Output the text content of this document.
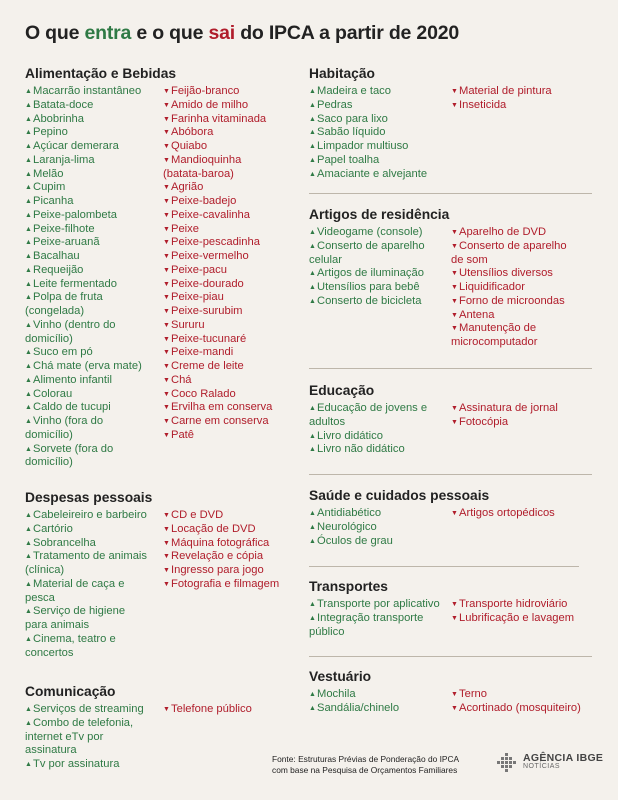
O que entra e o que sai do IPCA a partir de 2020
Alimentação e Bebidas
▲Macarrão instantâneo
▲Batata-doce
▲Abobrinha
▲Pepino
▲Açúcar demerara
▲Laranja-lima
▲Melão
▲Cupim
▲Picanha
▲Peixe-palombeta
▲Peixe-filhote
▲Peixe-aruanã
▲Bacalhau
▲Requeijão
▲Leite fermentado
▲Polpa de fruta
(congelada)
▲Vinho (dentro do
domicílio)
▲Suco em pó
▲Chá mate (erva mate)
▲Alimento infantil
▲Colorau
▲Caldo de tucupi
▲Vinho (fora do
domicílio)
▲Sorvete (fora do
domicílio)
▼Feijão-branco
▼Amido de milho
▼Farinha vitaminada
▼Abóbora
▼Quiabo
▼Mandioquinha
(batata-baroa)
▼Agrião
▼Peixe-badejo
▼Peixe-cavalinha
▼Peixe
▼Peixe-pescadinha
▼Peixe-vermelho
▼Peixe-pacu
▼Peixe-dourado
▼Peixe-piau
▼Peixe-surubim
▼Sururu
▼Peixe-tucunaré
▼Peixe-mandi
▼Creme de leite
▼Chá
▼Coco Ralado
▼Ervilha em conserva
▼Carne em conserva
▼Patê
Despesas pessoais
▲Cabeleireiro e barbeiro
▲Cartório
▲Sobrancelha
▲Tratamento de animais
(clínica)
▲Material de caça e
pesca
▲Serviço de higiene
para animais
▲Cinema, teatro e
concertos
▼CD e DVD
▼Locação de DVD
▼Máquina fotográfica
▼Revelação e cópia
▼Ingresso para jogo
▼Fotografia e filmagem
Comunicação
▲Serviços de streaming
▲Combo de telefonia,
internet eTv por
assinatura
▲Tv por assinatura
▼Telefone público
Habitação
▲Madeira e taco
▲Pedras
▲Saco para lixo
▲Sabão líquido
▲Limpador multiuso
▲Papel toalha
▲Amaciante e alvejante
▼Material de pintura
▼Inseticida
Artigos de residência
▲Videogame (console)
▲Conserto de aparelho
celular
▲Artigos de iluminação
▲Utensílios para bebê
▲Conserto de bicicleta
▼Aparelho de DVD
▼Conserto de aparelho
de som
▼Utensílios diversos
▼Liquidificador
▼Forno de microondas
▼Antena
▼Manutenção de
microcomputador
Educação
▲Educação de jovens e
adultos
▲Livro didático
▲Livro não didático
▼Assinatura de jornal
▼Fotocópia
Saúde e cuidados pessoais
▲Antidiabético
▲Neurológico
▲Óculos de grau
▼Artigos ortopédicos
Transportes
▲Transporte por aplicativo
▲Integração transporte
público
▼Transporte hidroviário
▼Lubrificação e lavagem
Vestuário
▲Mochila
▲Sandália/chinelo
▼Terno
▼Acortinado (mosquiteiro)
Fonte: Estruturas Prévias de Ponderação do IPCA
com base na Pesquisa de Orçamentos Familiares
AGÊNCIA IBGE
NOTÍCIAS
